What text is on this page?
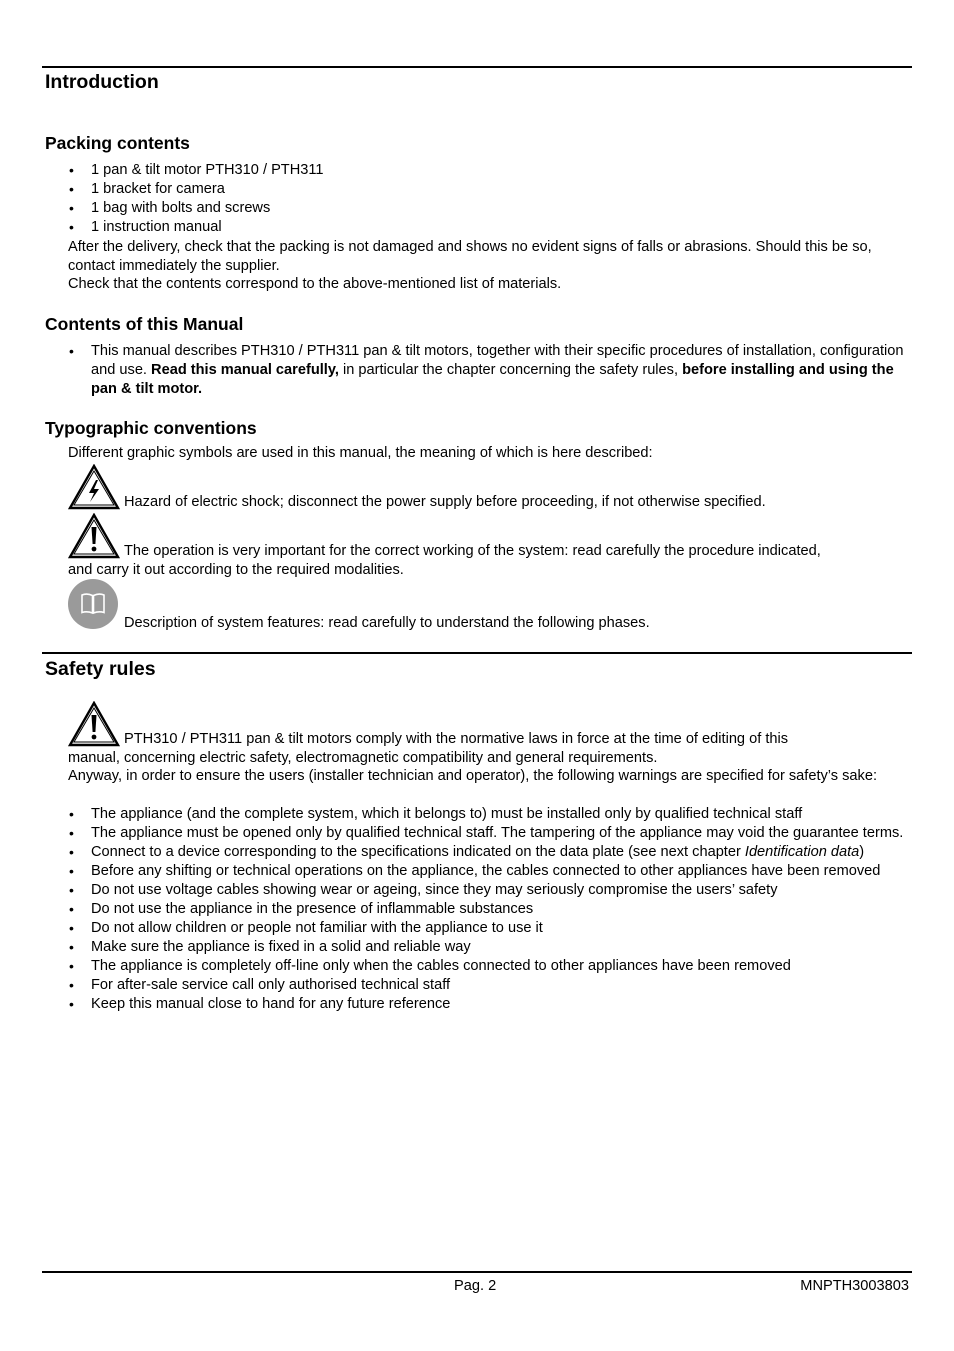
Introduction
Packing contents
• 1 pan & tilt motor PTH310 / PTH311
• 1 bracket for camera
• 1 bag with bolts and screws
• 1 instruction manual
After the delivery, check that the packing is not damaged and shows no evident signs of falls or abrasions. Should this be so, contact immediately the supplier.
Check that the contents correspond to the above-mentioned list of materials.
Contents of this Manual
• This manual describes PTH310 / PTH311 pan & tilt motors, together with their specific procedures of installation, configuration and use. Read this manual carefully, in particular the chapter concerning the safety rules, before installing and using the pan & tilt motor.
Typographic conventions
Different graphic symbols are used in this manual, the meaning of which is here described:
Hazard of electric shock; disconnect the power supply before proceeding, if not otherwise specified.
The operation is very important for the correct working of the system: read carefully the procedure indicated,
and carry it out according to the required modalities.
Description of system features: read carefully to understand the following phases.
Safety rules
PTH310 / PTH311 pan & tilt motors comply with the normative laws in force at the time of editing of this
manual, concerning electric safety, electromagnetic compatibility and general requirements.
Anyway, in order to ensure the users (installer technician and operator), the following warnings are specified for safety’s sake:
• The appliance (and the complete system, which it belongs to) must be installed only by qualified technical staff
• The appliance must be opened only by qualified technical staff. The tampering of the appliance may void the guarantee terms.
• Connect to a device corresponding to the specifications indicated on the data plate (see next chapter Identification data)
• Before any shifting or technical operations on the appliance, the cables connected to other appliances have been removed
• Do not use voltage cables showing wear or ageing, since they may seriously compromise the users’ safety
• Do not use the appliance in the presence of inflammable substances
• Do not allow children or people not familiar with the appliance to use it
• Make sure the appliance is fixed in a solid and reliable way
• The appliance is completely off-line only when the cables connected to other appliances have been removed
• For after-sale service call only authorised technical staff
• Keep this manual close to hand for any future reference
Pag. 2	MNPTH3003803
